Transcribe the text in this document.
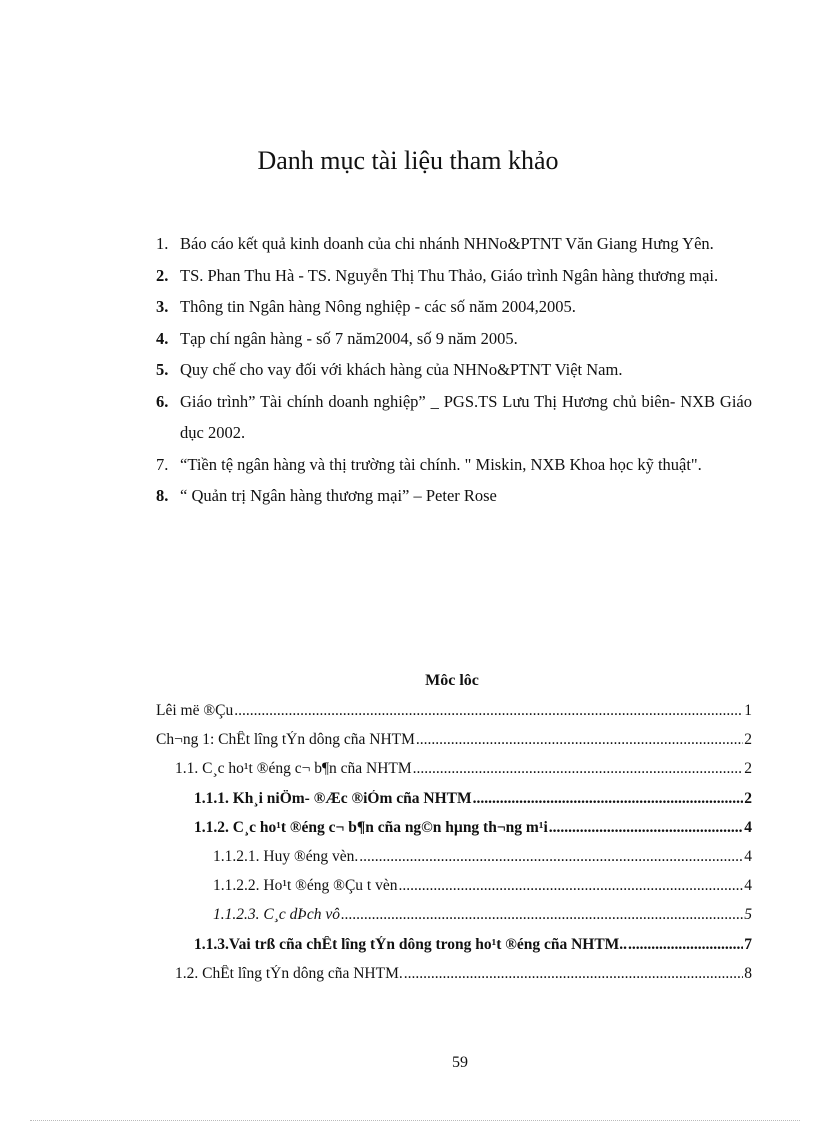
Danh mục tài liệu tham khảo
1. Báo cáo kết quả kinh doanh của chi nhánh NHNo&PTNT Văn Giang Hưng Yên.
2. TS. Phan Thu Hà - TS. Nguyễn Thị Thu Thảo, Giáo trình Ngân hàng thương mại.
3. Thông tin Ngân hàng Nông nghiệp - các số năm 2004,2005.
4. Tạp chí ngân hàng - số 7 năm2004, số 9 năm 2005.
5. Quy chế cho vay đối với khách hàng của NHNo&PTNT Việt Nam.
6. Giáo trình” Tài chính doanh nghiệp” _ PGS.TS Lưu Thị Hương chủ biên- NXB Giáo dục 2002.
7. “Tiền tệ ngân hàng và thị trường tài chính. " Miskin, NXB Khoa học kỹ thuật".
8. “ Quản trị Ngân hàng thương mại” – Peter Rose
Môc lôc
Lêi më ®Çu .....	1
Ch¬ng 1: ChÊt lîng tÝn dông cña NHTM .....	2
1.1. C¸c ho¹t ®éng c¬ b¶n cña NHTM .....	2
1.1.1. Kh¸i niÖm- ®Æc ®iÓm cña NHTM .....	2
1.1.2. C¸c ho¹t ®éng c¬ b¶n cña ng©n hµng th¬ng m¹i .....	4
1.1.2.1. Huy ®éng vèn. .....	4
1.1.2.2. Ho¹t ®éng ®Çu t vèn .....	4
1.1.2.3. C¸c dÞch vô .....	5
1.1.3.Vai trß cña chÊt lîng tÝn dông trong ho¹t ®éng cña NHTM.. .....	7
1.2. ChÊt lîng tÝn dông cña NHTM. .....	8
59
